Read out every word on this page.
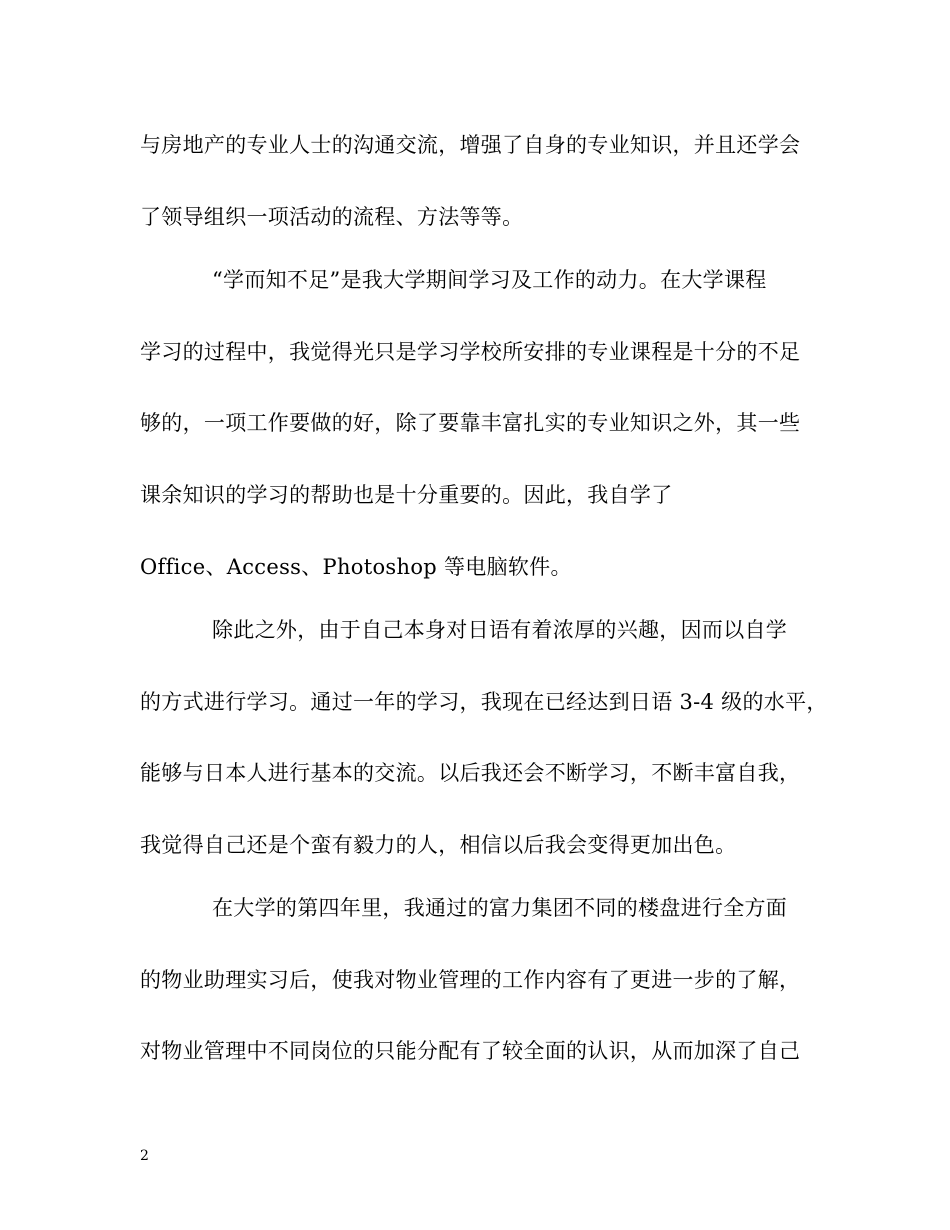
与房地产的专业人士的沟通交流，增强了自身的专业知识，并且还学会
了领导组织一项活动的流程、方法等等。
“学而知不足”是我大学期间学习及工作的动力。在大学课程
学习的过程中，我觉得光只是学习学校所安排的专业课程是十分的不足
够的，一项工作要做的好，除了要靠丰富扎实的专业知识之外，其一些
课余知识的学习的帮助也是十分重要的。因此，我自学了
Office、Access、Photoshop 等电脑软件。
除此之外，由于自己本身对日语有着浓厚的兴趣，因而以自学
的方式进行学习。通过一年的学习，我现在已经达到日语 3-4 级的水平，
能够与日本人进行基本的交流。以后我还会不断学习，不断丰富自我，
我觉得自己还是个蛮有毅力的人，相信以后我会变得更加出色。
在大学的第四年里，我通过的富力集团不同的楼盘进行全方面
的物业助理实习后，使我对物业管理的工作内容有了更进一步的了解，
对物业管理中不同岗位的只能分配有了较全面的认识，从而加深了自己
2
